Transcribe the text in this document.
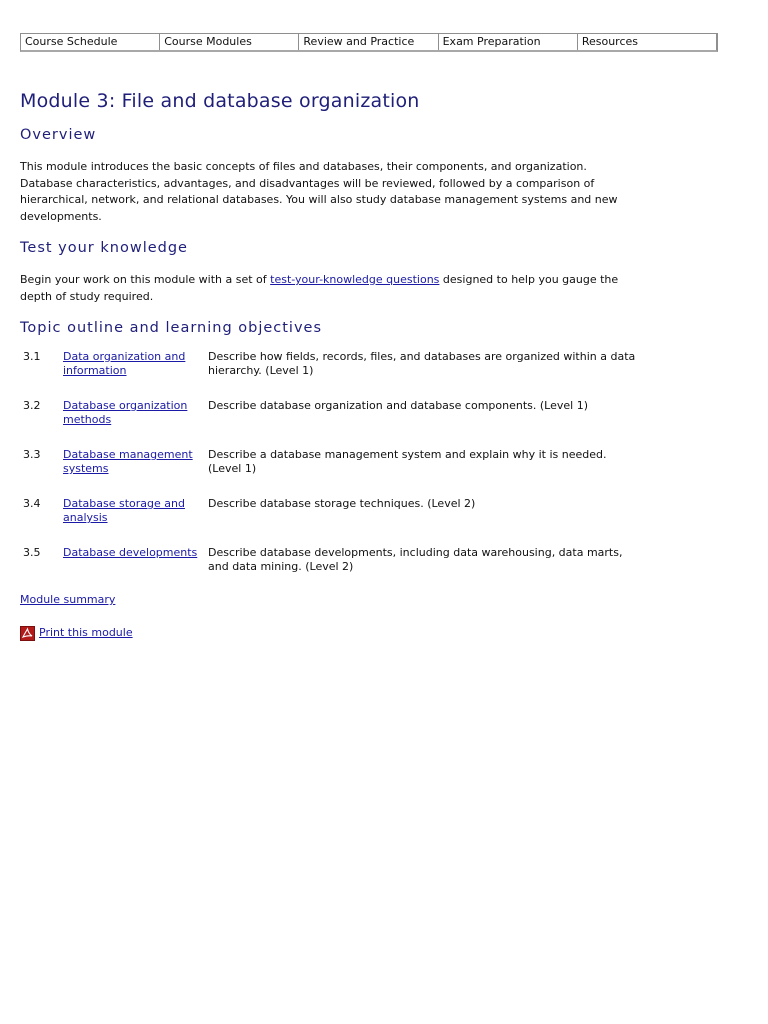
Course Schedule	Course Modules	Review and Practice	Exam Preparation	Resources
Module 3: File and database organization
Overview

This module introduces the basic concepts of files and databases, their components, and organization. Database characteristics, advantages, and disadvantages will be reviewed, followed by a comparison of hierarchical, network, and relational databases. You will also study database management systems and new developments.

Test your knowledge

Begin your work on this module with a set of test-your-knowledge questions designed to help you gauge the depth of study required.

Topic outline and learning objectives
3.1	Data organization and information	Describe how fields, records, files, and databases are organized within a data hierarchy. (Level 1)
3.2	Database organization methods	Describe database organization and database components. (Level 1)
3.3	Database management systems	Describe a database management system and explain why it is needed. (Level 1)
3.4	Database storage and analysis	Describe database storage techniques. (Level 2)
3.5	Database developments	Describe database developments, including data warehousing, data marts, and data mining. (Level 2)
Module summary
Print this module
